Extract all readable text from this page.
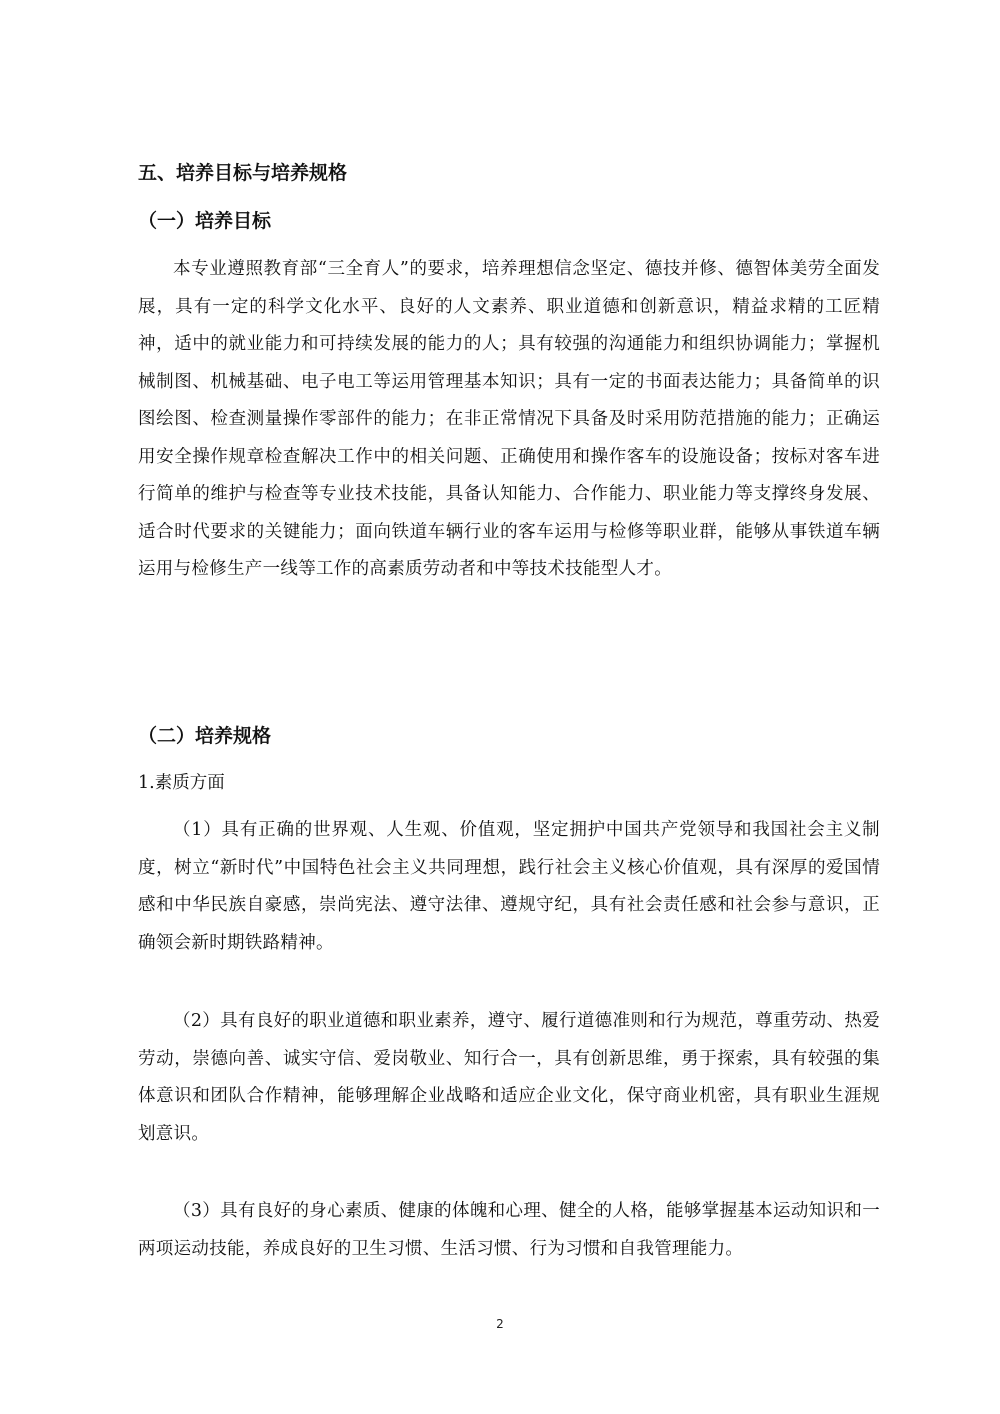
五、培养目标与培养规格
（一）培养目标

本专业遵照教育部“三全育人”的要求，培养理想信念坚定、德技并修、德智体美劳全面发展，具有一定的科学文化水平、良好的人文素养、职业道德和创新意识，精益求精的工匠精神，适中的就业能力和可持续发展的能力的人；具有较强的沟通能力和组织协调能力；掌握机械制图、机械基础、电子电工等运用管理基本知识；具有一定的书面表达能力；具备简单的识图绘图、检查测量操作零部件的能力；在非正常情况下具备及时采用防范措施的能力；正确运用安全操作规章检查解决工作中的相关问题、正确使用和操作客车的设施设备；按标对客车进行简单的维护与检查等专业技术技能，具备认知能力、合作能力、职业能力等支撑终身发展、适合时代要求的关键能力；面向铁道车辆行业的客车运用与检修等职业群，能够从事铁道车辆运用与检修生产一线等工作的高素质劳动者和中等技术技能型人才。

（二）培养规格

1.素质方面

（1）具有正确的世界观、人生观、价值观，坚定拥护中国共产党领导和我国社会主义制度，树立“新时代”中国特色社会主义共同理想，践行社会主义核心价值观，具有深厚的爱国情感和中华民族自豪感，崇尚宪法、遵守法律、遵规守纪，具有社会责任感和社会参与意识，正确领会新时期铁路精神。

（2）具有良好的职业道德和职业素养，遵守、履行道德准则和行为规范，尊重劳动、热爱劳动，崇德向善、诚实守信、爱岗敬业、知行合一，具有创新思维，勇于探索，具有较强的集体意识和团队合作精神，能够理解企业战略和适应企业文化，保守商业机密，具有职业生涯规划意识。

（3）具有良好的身心素质、健康的体魄和心理、健全的人格，能够掌握基本运动知识和一两项运动技能，养成良好的卫生习惯、生活习惯、行为习惯和自我管理能力。

2
